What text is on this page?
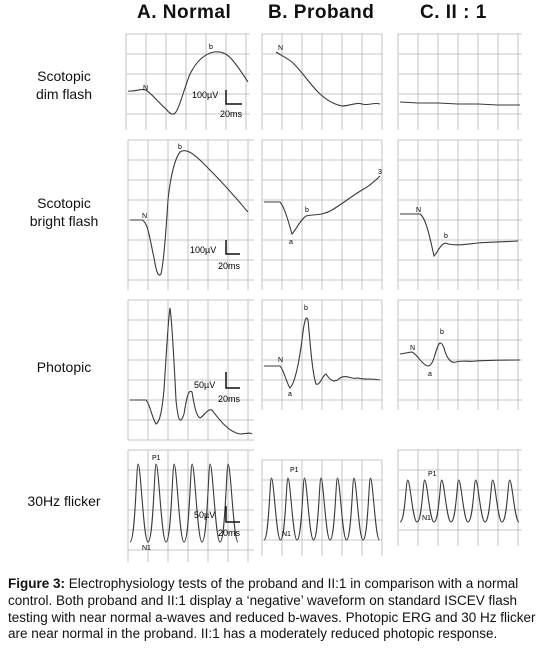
A. Normal B. Proband C. II : 1
Scotopic
dim flash
Scotopic
bright flash
Photopic
30Hz flicker
N
b
100µV
20ms
N
N
b
100µV
20ms
a
b
3
N
b
50µV
20ms
N
a
b
N
a
b
P1
N1
50µV
20ms
P1
N1
P1
N1
Figure 3: Electrophysiology tests of the proband and II:1 in comparison with a normal control. Both proband and II:1 display a ‘negative’ waveform on standard ISCEV flash testing with near normal a-waves and reduced b-waves. Photopic ERG and 30 Hz flicker are near normal in the proband. II:1 has a moderately reduced photopic response.
